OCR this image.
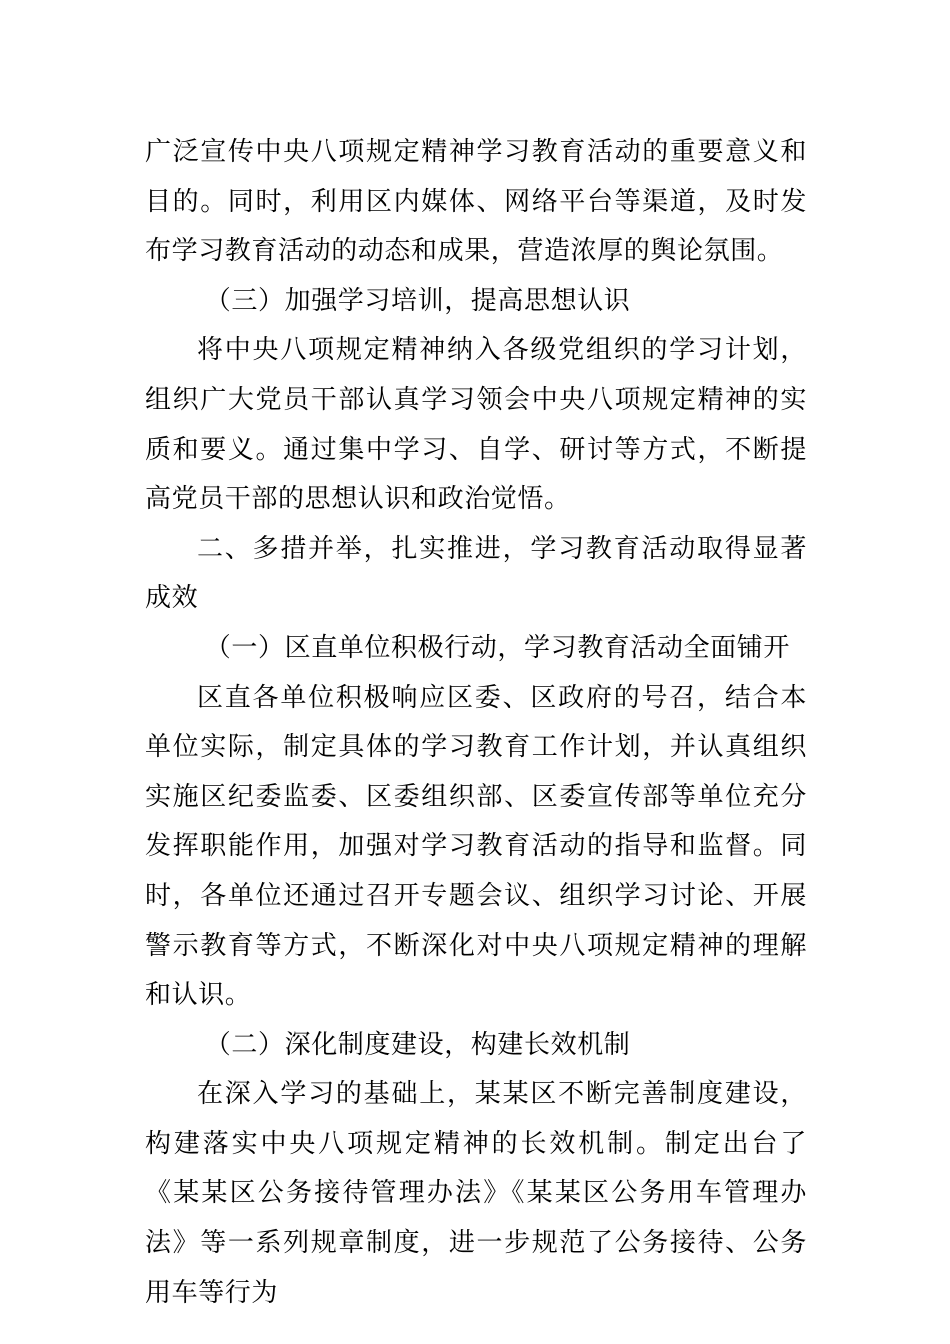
广泛宣传中央八项规定精神学习教育活动的重要意义和目的。同时，利用区内媒体、网络平台等渠道，及时发布学习教育活动的动态和成果，营造浓厚的舆论氛围。

（三）加强学习培训，提高思想认识

将中央八项规定精神纳入各级党组织的学习计划，组织广大党员干部认真学习领会中央八项规定精神的实质和要义。通过集中学习、自学、研讨等方式，不断提高党员干部的思想认识和政治觉悟。

二、多措并举，扎实推进，学习教育活动取得显著成效

（一）区直单位积极行动，学习教育活动全面铺开

区直各单位积极响应区委、区政府的号召，结合本单位实际，制定具体的学习教育工作计划，并认真组织实施区纪委监委、区委组织部、区委宣传部等单位充分发挥职能作用，加强对学习教育活动的指导和监督。同时，各单位还通过召开专题会议、组织学习讨论、开展警示教育等方式，不断深化对中央八项规定精神的理解和认识。

（二）深化制度建设，构建长效机制

在深入学习的基础上，某某区不断完善制度建设，构建落实中央八项规定精神的长效机制。制定出台了《某某区公务接待管理办法》《某某区公务用车管理办法》等一系列规章制度，进一步规范了公务接待、公务用车等行为
